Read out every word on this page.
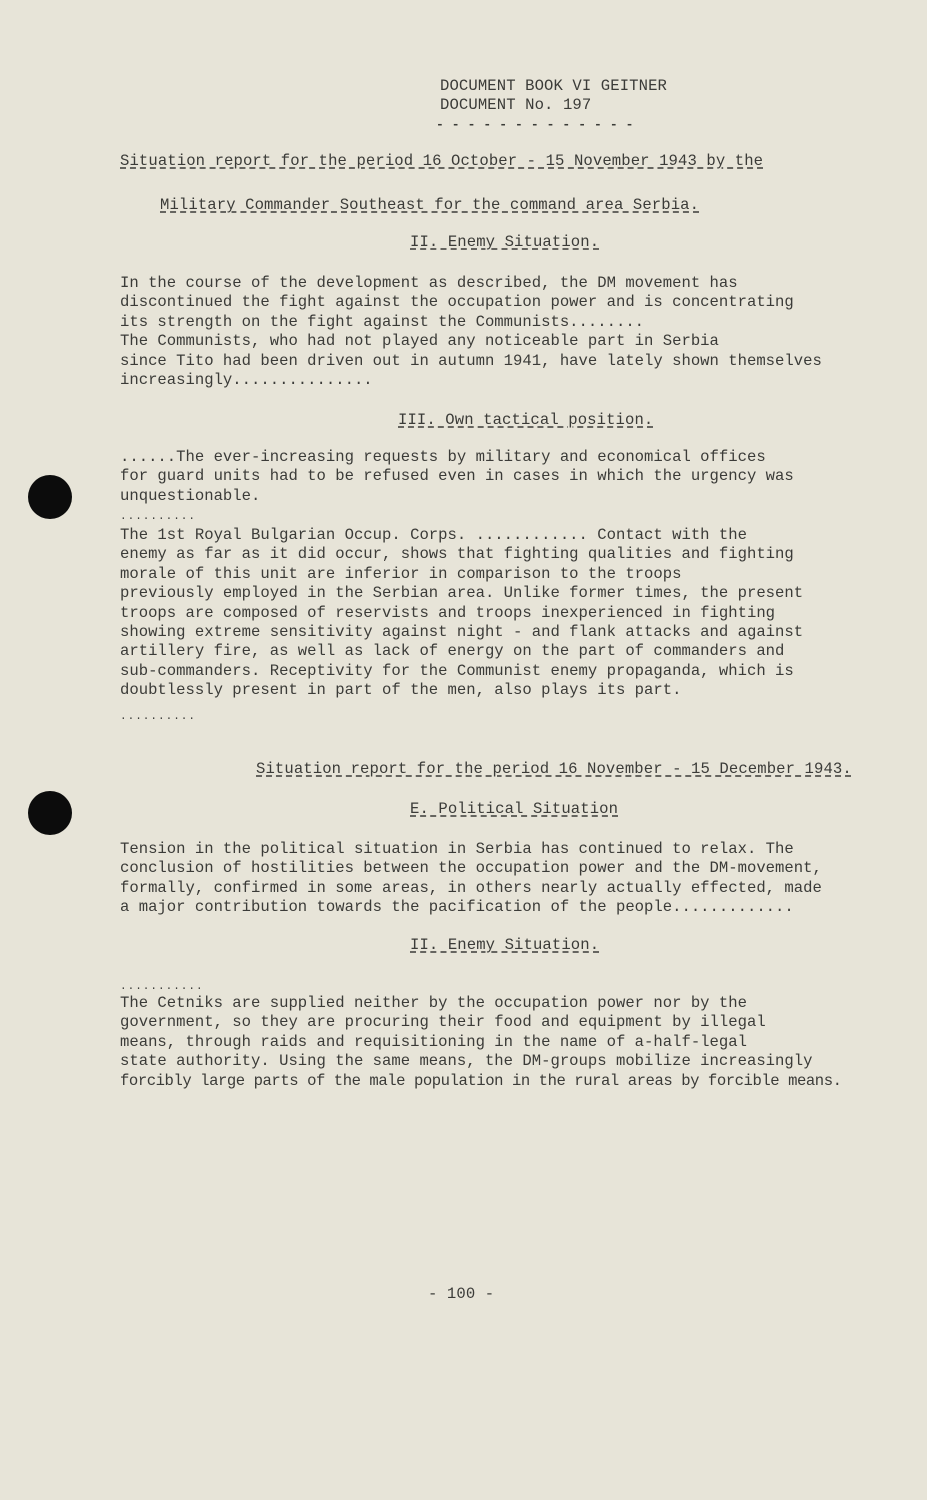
DOCUMENT BOOK VI GEITNER
DOCUMENT No. 197
- - - - - - - - - - - - -
Situation report for the period 16 October - 15 November 1943 by the
Military Commander Southeast for the command area Serbia.
II. Enemy Situation.
In the course of the development as described, the DM movement has
discontinued the fight against the occupation power and is concentrating
its strength on the fight against the Communists........
The Communists, who had not played any noticeable part in Serbia
since Tito had been driven out in autumn 1941, have lately shown themselves
increasingly...............
III. Own tactical position.
......The ever-increasing requests by military and economical offices
for guard units had to be refused even in cases in which the urgency was
unquestionable.
..........
The 1st Royal Bulgarian Occup. Corps. ............ Contact with the
enemy as far as it did occur, shows that fighting qualities and fighting
morale of this unit are inferior in comparison to the troops
previously employed in the Serbian area. Unlike former times, the present
troops are composed of reservists and troops inexperienced in fighting
showing extreme sensitivity against night - and flank attacks and against
artillery fire, as well as lack of energy on the part of commanders and
sub-commanders. Receptivity for the Communist enemy propaganda, which is
doubtlessly present in part of the men, also plays its part.
..........
Situation report for the period 16 November - 15 December 1943.
E. Political Situation
Tension in the political situation in Serbia has continued to relax. The
conclusion of hostilities between the occupation power and the DM-movement,
formally, confirmed in some areas, in others nearly actually effected, made
a major contribution towards the pacification of the people.............
II. Enemy Situation.
...........
The Cetniks are supplied neither by the occupation power nor by the
government, so they are procuring their food and equipment by illegal
means, through raids and requisitioning in the name of a-half-legal
state authority. Using the same means, the DM-groups mobilize increasingly
forcibly large parts of the male population in the rural areas by forcible means.
- 100 -
